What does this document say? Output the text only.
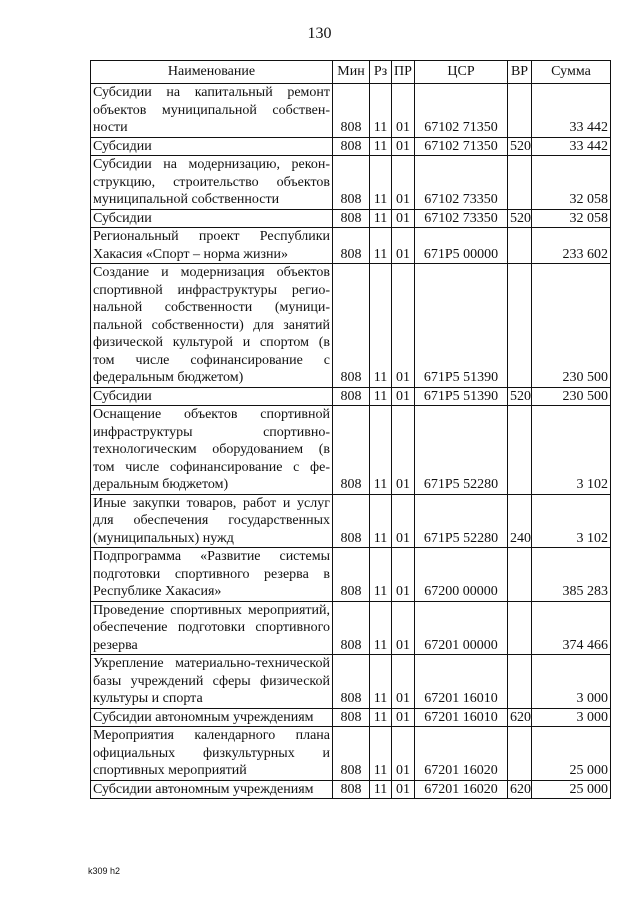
130
Наименование	Мин	Рз	ПР	ЦСР	ВР	Сумма
Субсидии на капитальный ремонт объектов муниципальной собственности	808	11	01	67102 71350		33 442
Субсидии	808	11	01	67102 71350	520	33 442
Субсидии на модернизацию, реконструкцию, строительство объектов муниципальной собственности	808	11	01	67102 73350		32 058
Субсидии	808	11	01	67102 73350	520	32 058
Региональный проект Республики Хакасия «Спорт – норма жизни»	808	11	01	671P5 00000		233 602
Создание и модернизация объектов спортивной инфраструктуры региональной собственности (муниципальной собственности) для занятий физической культурой и спортом (в том числе софинансирование с федеральным бюджетом)	808	11	01	671P5 51390		230 500
Субсидии	808	11	01	671P5 51390	520	230 500
Оснащение объектов спортивной инфраструктуры спортивно-технологическим оборудованием (в том числе софинансирование с федеральным бюджетом)	808	11	01	671P5 52280		3 102
Иные закупки товаров, работ и услуг для обеспечения государственных (муниципальных) нужд	808	11	01	671P5 52280	240	3 102
Подпрограмма «Развитие системы подготовки спортивного резерва в Республике Хакасия»	808	11	01	67200 00000		385 283
Проведение спортивных мероприятий, обеспечение подготовки спортивного резерва	808	11	01	67201 00000		374 466
Укрепление материально-технической базы учреждений сферы физической культуры и спорта	808	11	01	67201 16010		3 000
Субсидии автономным учреждениям	808	11	01	67201 16010	620	3 000
Мероприятия календарного плана официальных физкультурных и спортивных мероприятий	808	11	01	67201 16020		25 000
Субсидии автономным учреждениям	808	11	01	67201 16020	620	25 000
k309 h2
